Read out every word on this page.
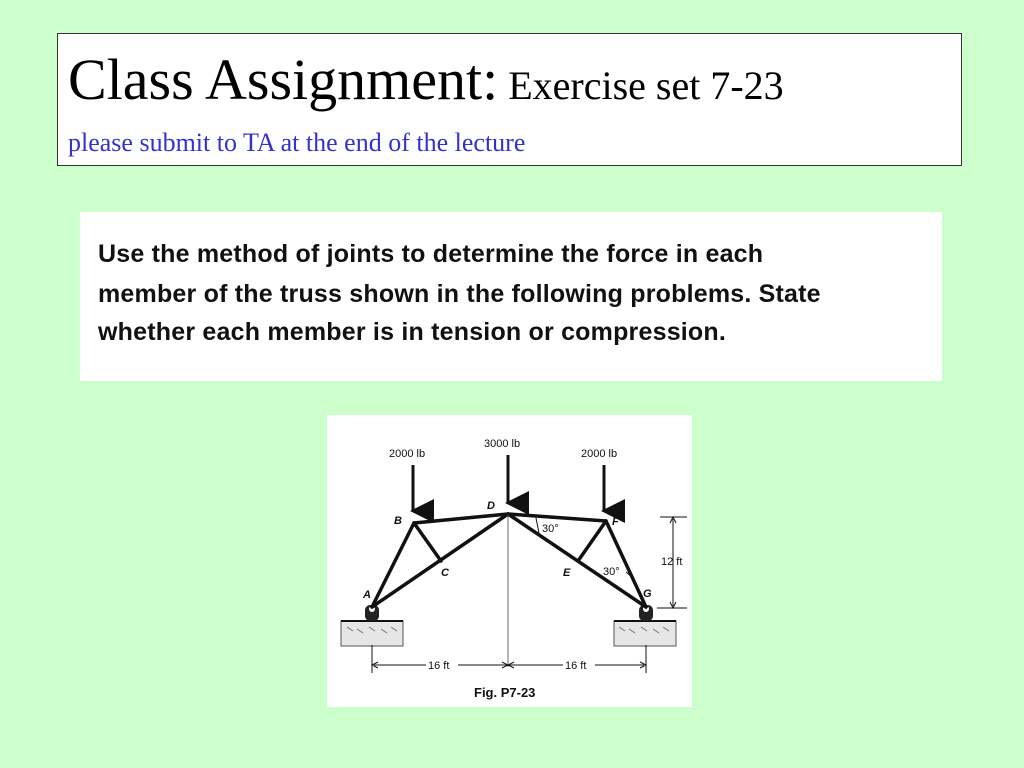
Class Assignment: Exercise set 7-23
please submit to TA at the end of the lecture
Use the method of joints to determine the force in each
member of the truss shown in the following problems. State
whether each member is in tension or compression.
2000 lb
3000 lb
2000 lb
A
B
C
D
E
F
G
30°
30°
12 ft
16 ft	16 ft
Fig. P7-23
